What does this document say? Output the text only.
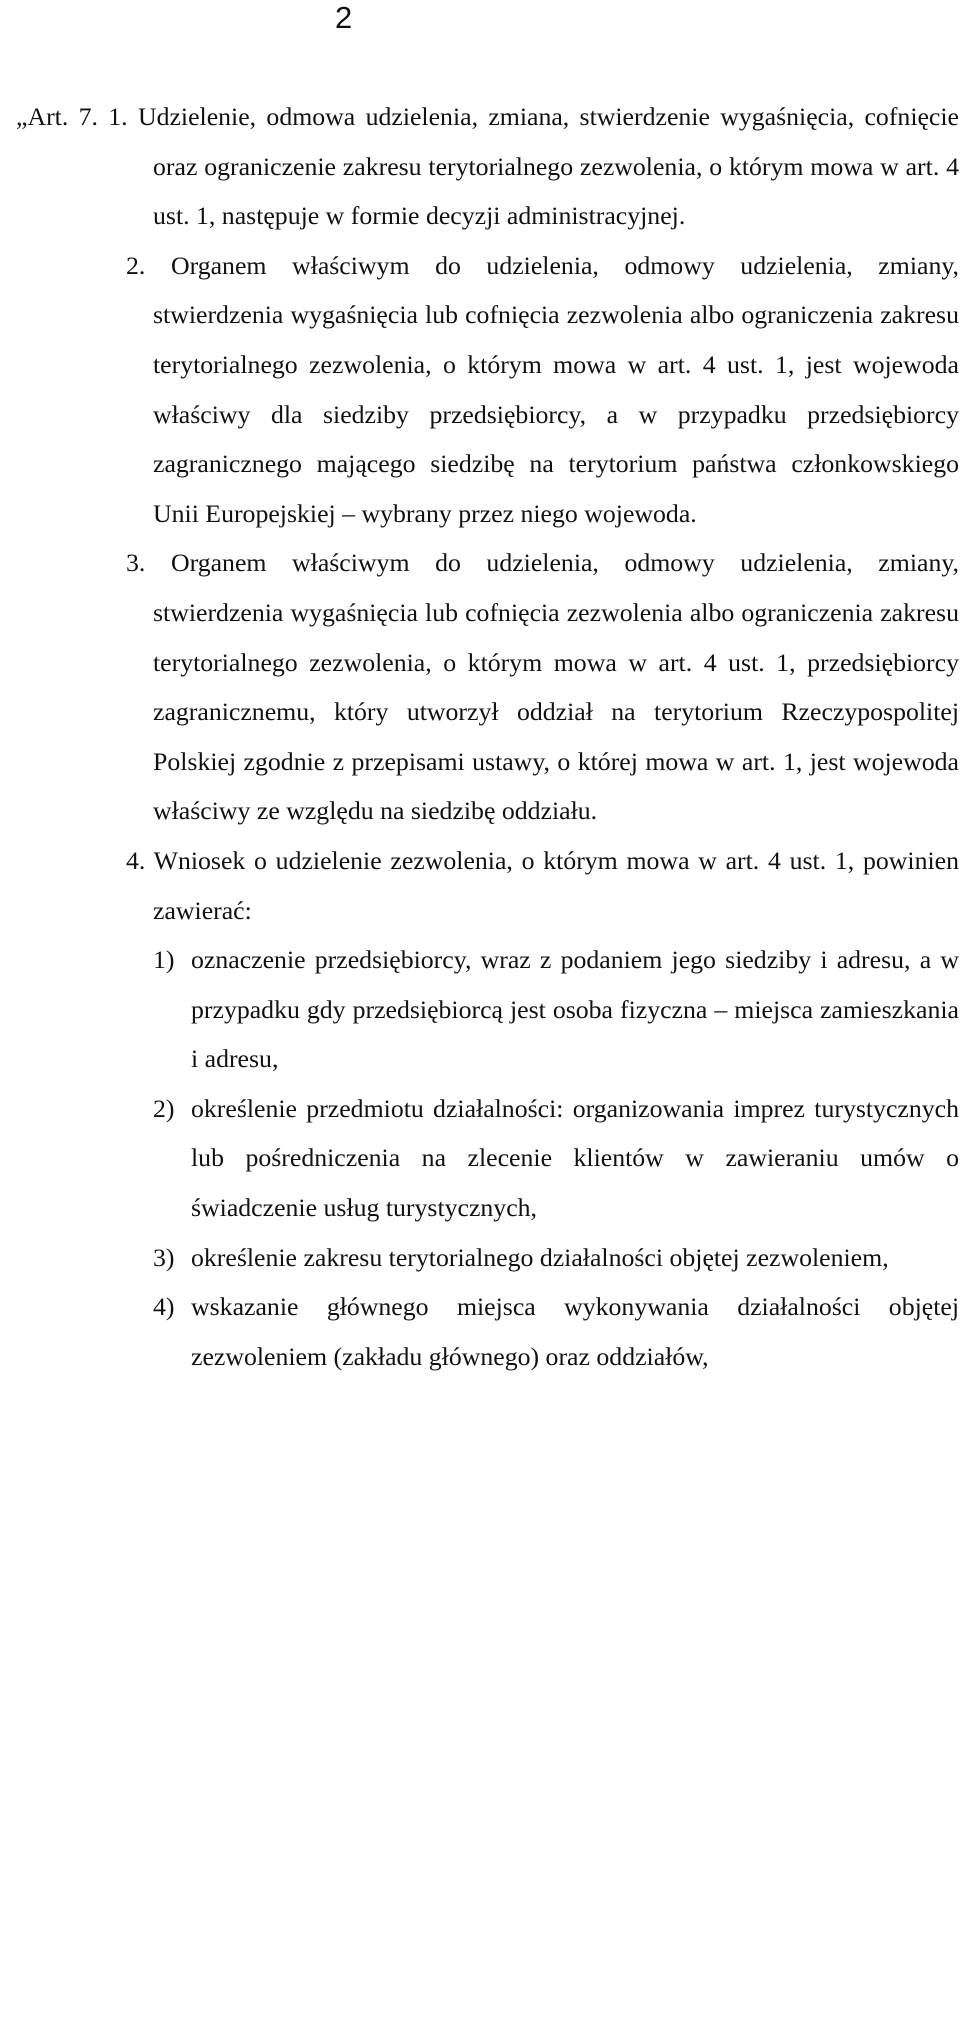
2

„Art. 7. 1. Udzielenie, odmowa udzielenia, zmiana, stwierdzenie wygaśnięcia, cofnięcie oraz ograniczenie zakresu terytorialnego zezwolenia, o którym mowa w art. 4 ust. 1, następuje w formie decyzji administracyjnej.

2. Organem właściwym do udzielenia, odmowy udzielenia, zmiany, stwierdzenia wygaśnięcia lub cofnięcia zezwolenia albo ograniczenia zakresu terytorialnego zezwolenia, o którym mowa w art. 4 ust. 1, jest wojewoda właściwy dla siedziby przedsiębiorcy, a w przypadku przedsiębiorcy zagranicznego mającego siedzibę na terytorium państwa członkowskiego Unii Europejskiej – wybrany przez niego wojewoda.

3. Organem właściwym do udzielenia, odmowy udzielenia, zmiany, stwierdzenia wygaśnięcia lub cofnięcia zezwolenia albo ograniczenia zakresu terytorialnego zezwolenia, o którym mowa w art. 4 ust. 1, przedsiębiorcy zagranicznemu, który utworzył oddział na terytorium Rzeczypospolitej Polskiej zgodnie z przepisami ustawy, o której mowa w art. 1, jest wojewoda właściwy ze względu na siedzibę oddziału.

4. Wniosek o udzielenie zezwolenia, o którym mowa w art. 4 ust. 1, powinien zawierać:

1) oznaczenie przedsiębiorcy, wraz z podaniem jego siedziby i adresu, a w przypadku gdy przedsiębiorcą jest osoba fizyczna – miejsca zamieszkania i adresu,
2) określenie przedmiotu działalności: organizowania imprez turystycznych lub pośredniczenia na zlecenie klientów w zawieraniu umów o świadczenie usług turystycznych,
3) określenie zakresu terytorialnego działalności objętej zezwoleniem,
4) wskazanie głównego miejsca wykonywania działalności objętej zezwoleniem (zakładu głównego) oraz oddziałów,
